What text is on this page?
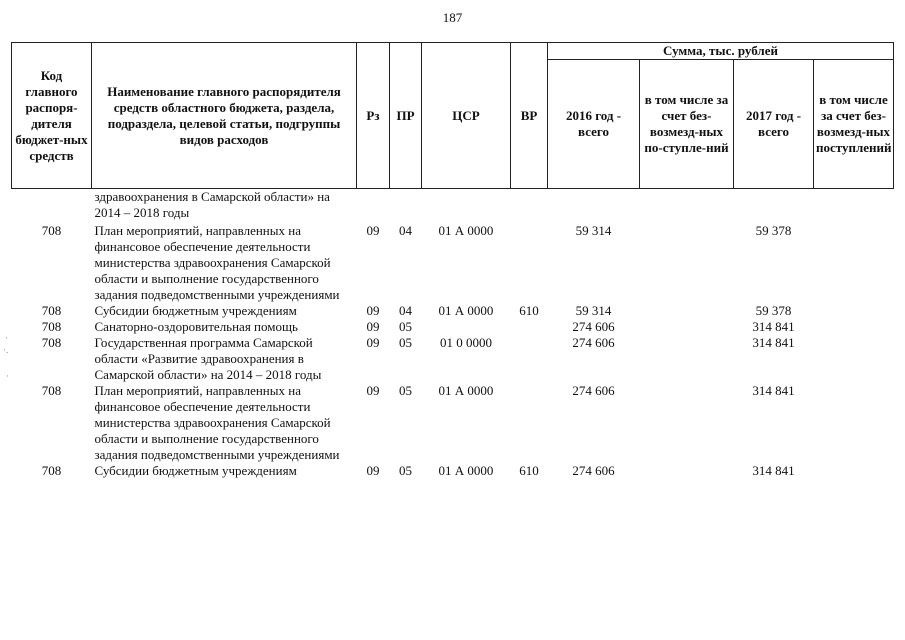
187
·
·.
·
Код главного распоря-дителя бюджет-ных средств	Наименование главного распорядителя средств областного бюджета, раздела, подраздела, целевой статьи, подгруппы видов расходов	Рз	ПР	ЦСР	ВР	Сумма, тыс. рублей			
						2016 год - всего	в том числе за счет без-возмезд-ных по-ступле-ний	2017 год - всего	в том числе за счет без-возмезд-ных поступлений
	здравоохранения в Самарской области» на 2014 – 2018 годы								
708	План мероприятий, направленных на финансовое обеспечение деятельности министерства здравоохранения Самарской области и выполнение государственного задания подведомственными учреждениями	09	04	01 А 0000		59 314		59 378	
708	Субсидии бюджетным учреждениям	09	04	01 А 0000	610	59 314		59 378	
708	Санаторно-оздоровительная помощь	09	05			274 606		314 841	
708	Государственная программа Самарской области «Развитие здравоохранения в Самарской области» на 2014 – 2018 годы	09	05	01 0 0000		274 606		314 841	
708	План мероприятий, направленных на финансовое обеспечение деятельности министерства здравоохранения Самарской области и выполнение государственного задания подведомственными учреждениями	09	05	01 А 0000		274 606		314 841	
708	Субсидии бюджетным учреждениям	09	05	01 А 0000	610	274 606		314 841	
